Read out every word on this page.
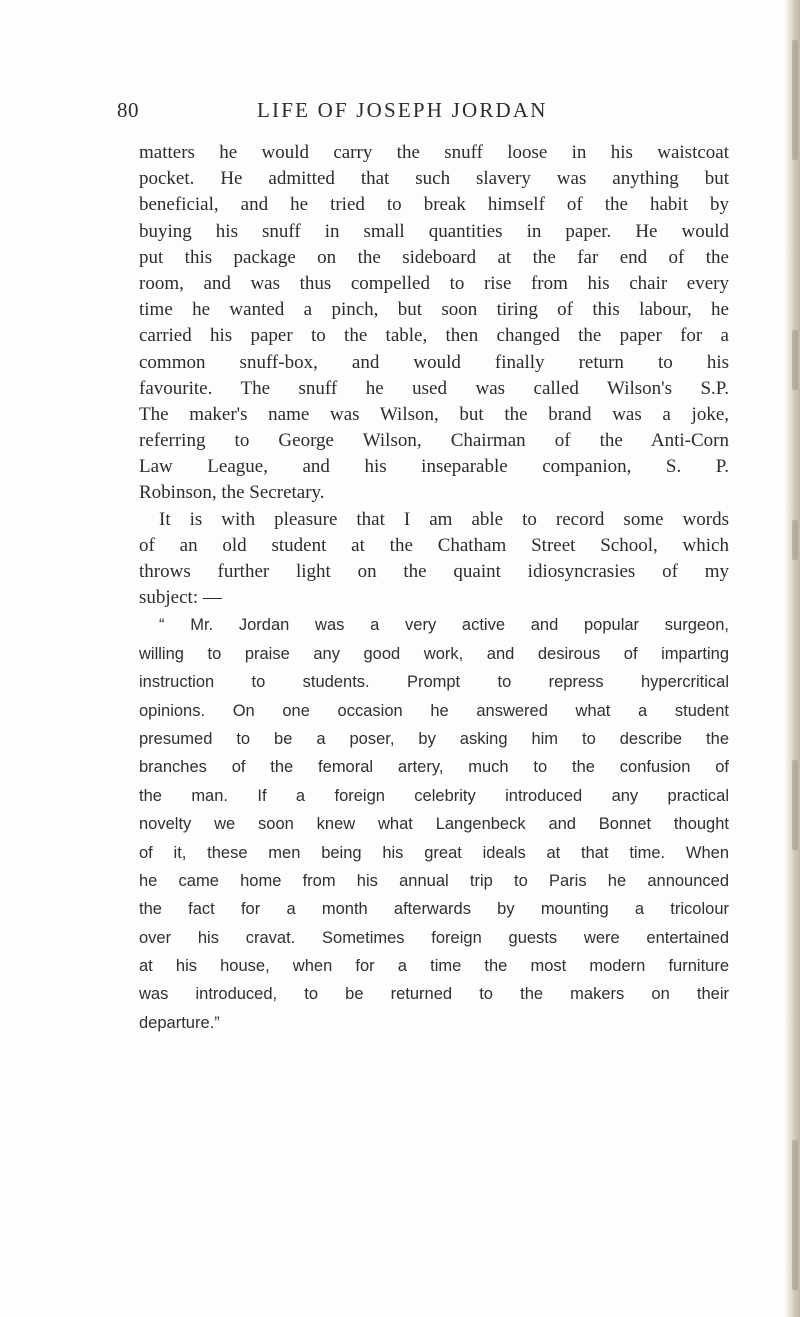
80	LIFE OF JOSEPH JORDAN
matters he would carry the snuff loose in his waistcoat
pocket. He admitted that such slavery was anything but
beneficial, and he tried to break himself of the habit by
buying his snuff in small quantities in paper. He would
put this package on the sideboard at the far end of the
room, and was thus compelled to rise from his chair every
time he wanted a pinch, but soon tiring of this labour, he
carried his paper to the table, then changed the paper for a
common snuff-box, and would finally return to his
favourite. The snuff he used was called Wilson's S.P.
The maker's name was Wilson, but the brand was a joke,
referring to George Wilson, Chairman of the Anti-Corn
Law League, and his inseparable companion, S. P.
Robinson, the Secretary.
It is with pleasure that I am able to record some words
of an old student at the Chatham Street School, which
throws further light on the quaint idiosyncrasies of my
subject: —
“ Mr. Jordan was a very active and popular surgeon,
willing to praise any good work, and desirous of imparting
instruction to students. Prompt to repress hypercritical
opinions. On one occasion he answered what a student
presumed to be a poser, by asking him to describe the
branches of the femoral artery, much to the confusion of
the man. If a foreign celebrity introduced any practical
novelty we soon knew what Langenbeck and Bonnet thought
of it, these men being his great ideals at that time. When
he came home from his annual trip to Paris he announced
the fact for a month afterwards by mounting a tricolour
over his cravat. Sometimes foreign guests were entertained
at his house, when for a time the most modern furniture
was introduced, to be returned to the makers on their
departure.”
